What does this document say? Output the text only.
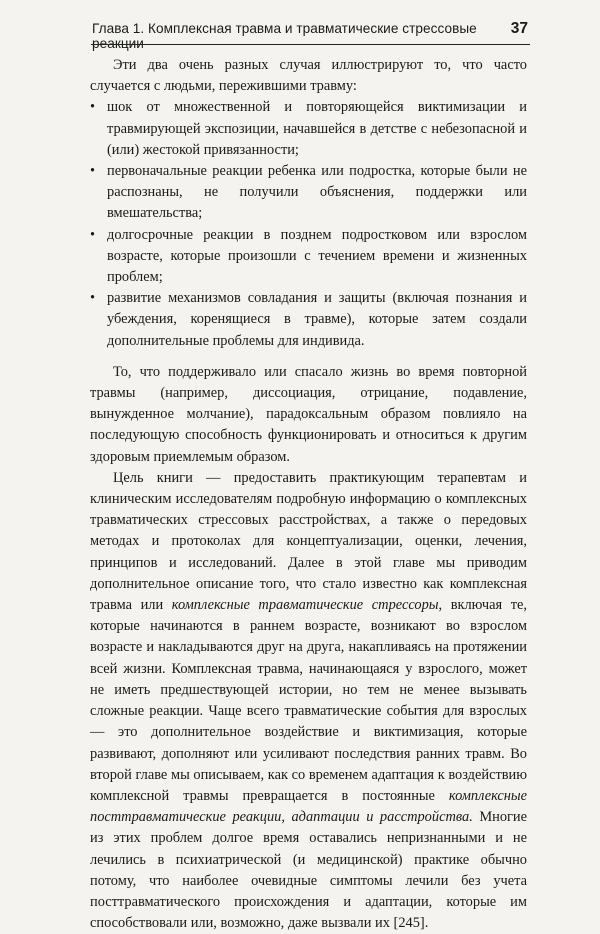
Глава 1. Комплексная травма и травматические стрессовые	37

Эти два очень разных случая иллюстрируют то, что часто случается с людьми, пережившими травму:

• шок от множественной и повторяющейся виктимизации и травмирующей экспозиции, начавшейся в детстве с небезопасной и (или) жестокой привязанности;
• первоначальные реакции ребенка или подростка, которые были не распознаны, не получили объяснения, поддержки или вмешательства;
• долгосрочные реакции в позднем подростковом или взрослом возрасте, которые произошли с течением времени и жизненных проблем;
• развитие механизмов совладания и защиты (включая познания и убеждения, коренящиеся в травме), которые затем создали дополнительные проблемы для индивида.

То, что поддерживало или спасало жизнь во время повторной травмы (например, диссоциация, отрицание, подавление, вынужденное молчание), парадоксальным образом повлияло на последующую способность функционировать и относиться к другим здоровым приемлемым образом.

Цель книги — предоставить практикующим терапевтам и клиническим исследователям подробную информацию о комплексных травматических стрессовых расстройствах, а также о передовых методах и протоколах для концептуализации, оценки, лечения, принципов и исследований. Далее в этой главе мы приводим дополнительное описание того, что стало известно как комплексная травма или комплексные травматические стрессоры, включая те, которые начинаются в раннем возрасте, возникают во взрослом возрасте и накладываются друг на друга, накапливаясь на протяжении всей жизни. Комплексная травма, начинающаяся у взрослого, может не иметь предшествующей истории, но тем не менее вызывать сложные реакции. Чаще всего травматические события для взрослых — это дополнительное воздействие и виктимизация, которые развивают, дополняют или усиливают последствия ранних травм. Во второй главе мы описываем, как со временем адаптация к воздействию комплексной травмы превращается в постоянные комплексные посттравматические реакции, адаптации и расстройства. Многие из этих проблем долгое время оставались непризнанными и не лечились в психиатрической (и медицинской) практике обычно потому, что наиболее очевидные симптомы лечили без учета посттравматического происхождения и адаптации, которые им способствовали или, возможно, даже вызвали их [245].
